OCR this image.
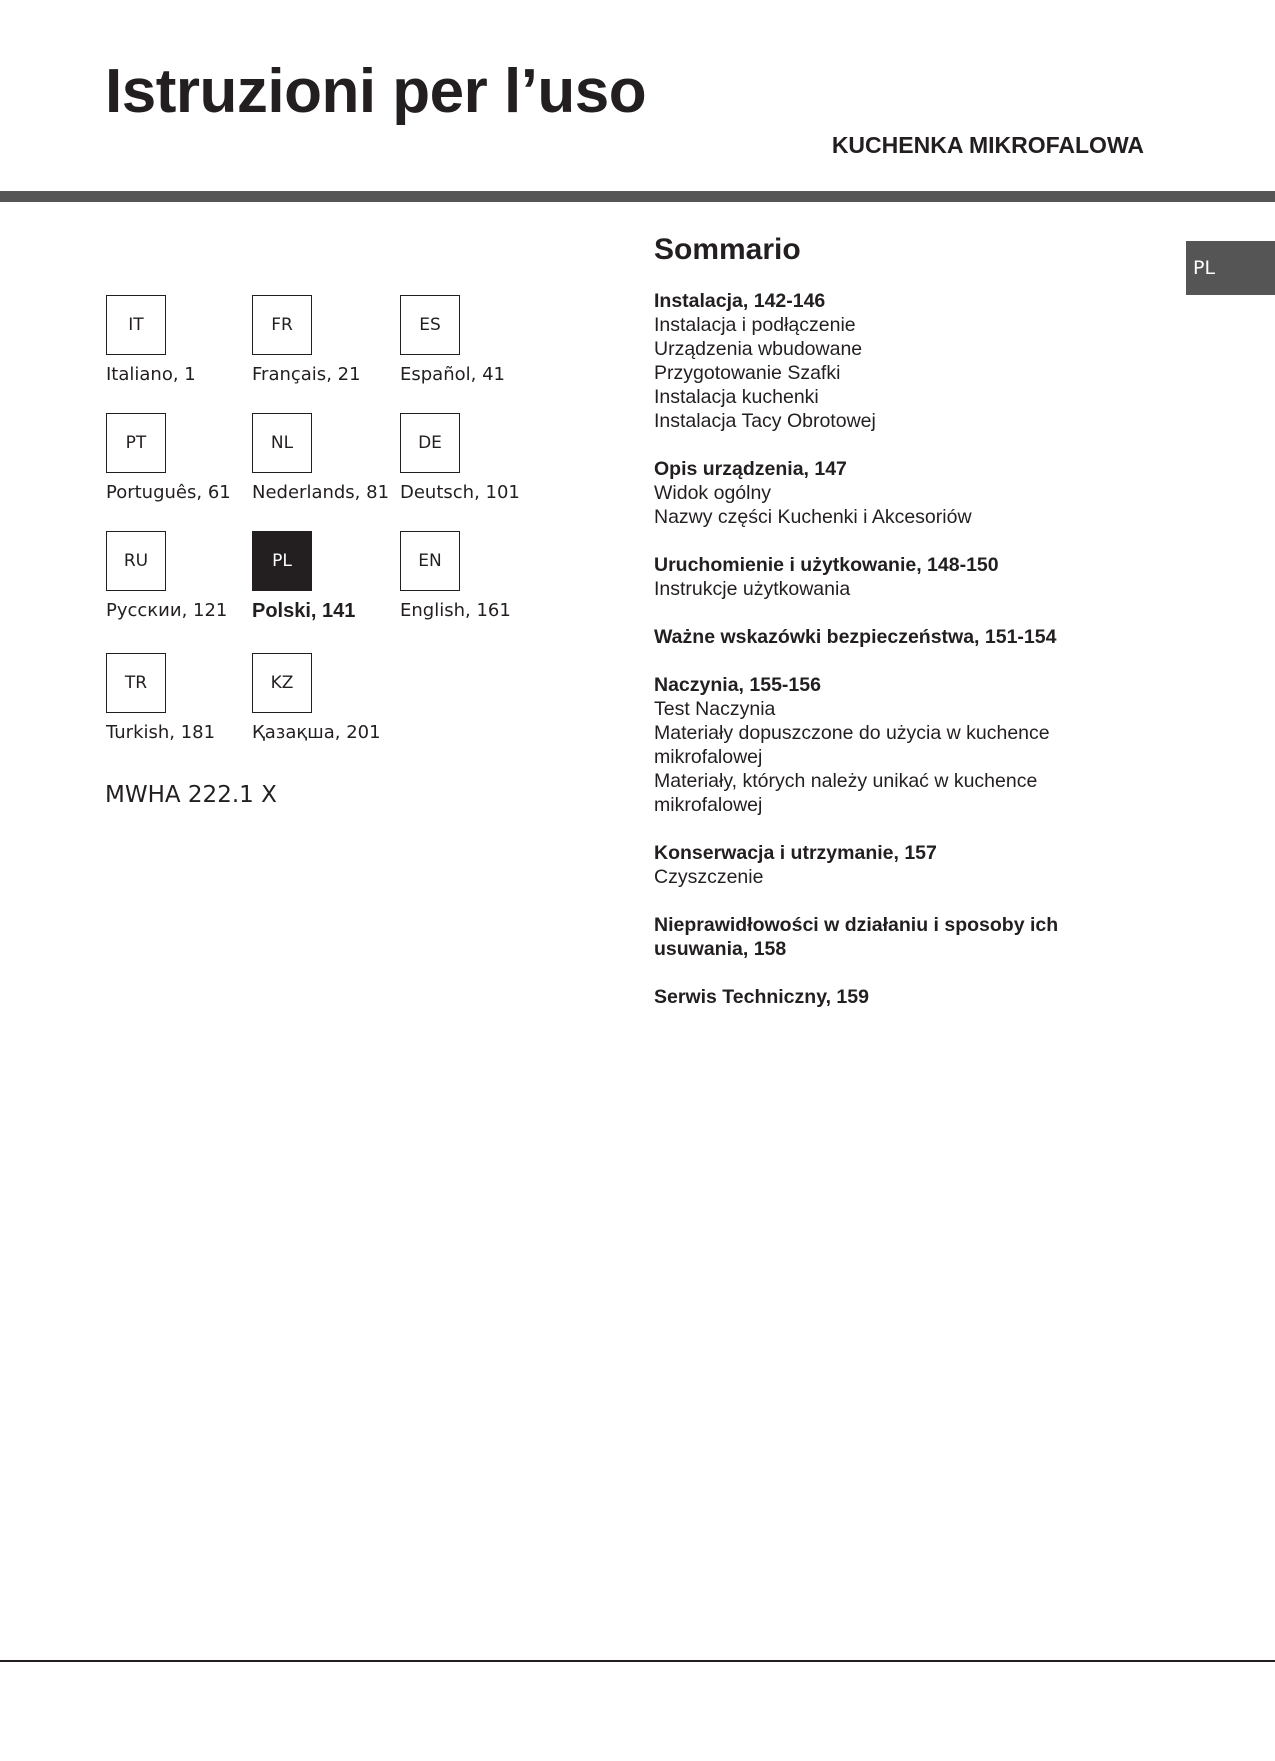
Istruzioni per l’uso
KUCHENKA MIKROFALOWA
PL
IT
Italiano, 1
FR
Français, 21
ES
Español, 41
PT
Português, 61
NL
Nederlands, 81
DE
Deutsch, 101
RU
Русскии, 121
PL
Polski, 141
EN
English, 161
TR
Turkish, 181
KZ
Қазақша, 201
MWHA 222.1 X
Sommario
Instalacja, 142-146
Instalacja i podłączenie
Urządzenia wbudowane
Przygotowanie Szafki
Instalacja kuchenki
Instalacja Tacy Obrotowej
Opis urządzenia, 147
Widok ogólny
Nazwy części Kuchenki i Akcesoriów
Uruchomienie i użytkowanie, 148-150
Instrukcje użytkowania
Ważne wskazówki bezpieczeństwa, 151-154
Naczynia, 155-156
Test Naczynia
Materiały dopuszczone do użycia w kuchence mikrofalowej
Materiały, których należy unikać w kuchence mikrofalowej
Konserwacja i utrzymanie, 157
Czyszczenie
Nieprawidłowości w działaniu i sposoby ich usuwania, 158
Serwis Techniczny, 159
